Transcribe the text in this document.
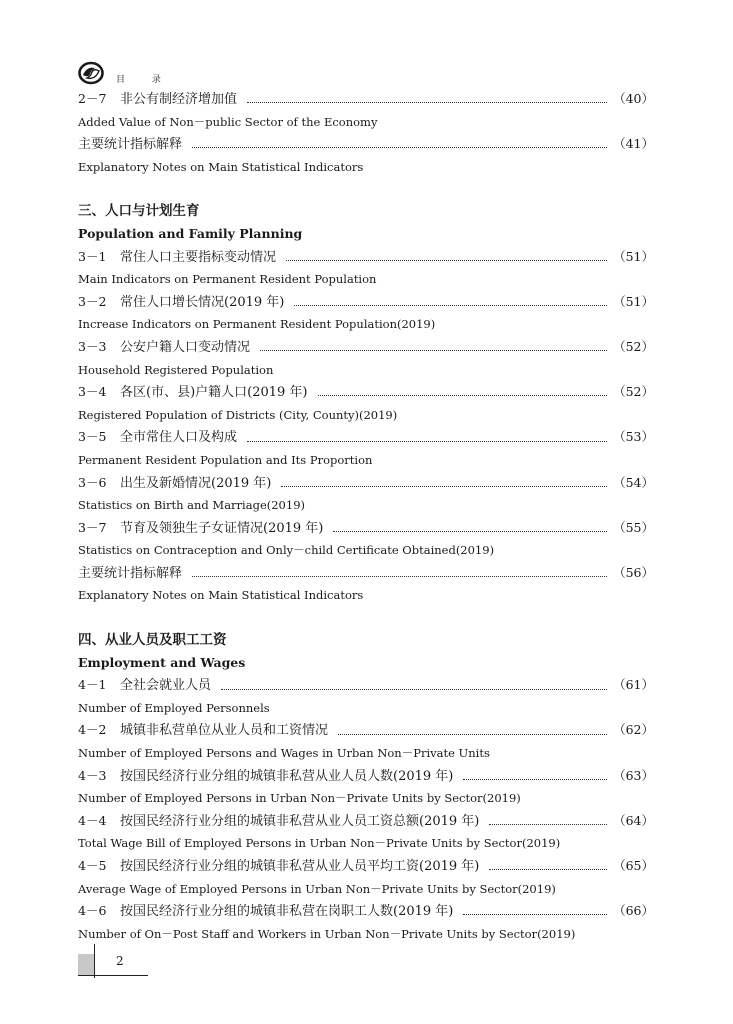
目 录
2－7	非公有制经济增加值	（40）
Added Value of Non－public Sector of the Economy
主要统计指标解释	（41）
Explanatory Notes on Main Statistical Indicators
三、人口与计划生育
Population and Family Planning
3－1	常住人口主要指标变动情况	（51）
Main Indicators on Permanent Resident Population
3－2	常住人口增长情况(2019 年)	（51）
Increase Indicators on Permanent Resident Population(2019)
3－3	公安户籍人口变动情况	（52）
Household Registered Population
3－4	各区(市、县)户籍人口(2019 年)	（52）
Registered Population of Districts (City, County)(2019)
3－5	全市常住人口及构成	（53）
Permanent Resident Population and Its Proportion
3－6	出生及新婚情况(2019 年)	（54）
Statistics on Birth and Marriage(2019)
3－7	节育及领独生子女证情况(2019 年)	（55）
Statistics on Contraception and Only－child Certificate Obtained(2019)
主要统计指标解释	（56）
Explanatory Notes on Main Statistical Indicators
四、从业人员及职工工资
Employment and Wages
4－1	全社会就业人员	（61）
Number of Employed Personnels
4－2	城镇非私营单位从业人员和工资情况	（62）
Number of Employed Persons and Wages in Urban Non－Private Units
4－3	按国民经济行业分组的城镇非私营从业人员人数(2019 年)	（63）
Number of Employed Persons in Urban Non－Private Units by Sector(2019)
4－4	按国民经济行业分组的城镇非私营从业人员工资总额(2019 年)	（64）
Total Wage Bill of Employed Persons in Urban Non－Private Units by Sector(2019)
4－5	按国民经济行业分组的城镇非私营从业人员平均工资(2019 年)	（65）
Average Wage of Employed Persons in Urban Non－Private Units by Sector(2019)
4－6	按国民经济行业分组的城镇非私营在岗职工人数(2019 年)	（66）
Number of On－Post Staff and Workers in Urban Non－Private Units by Sector(2019)
2
